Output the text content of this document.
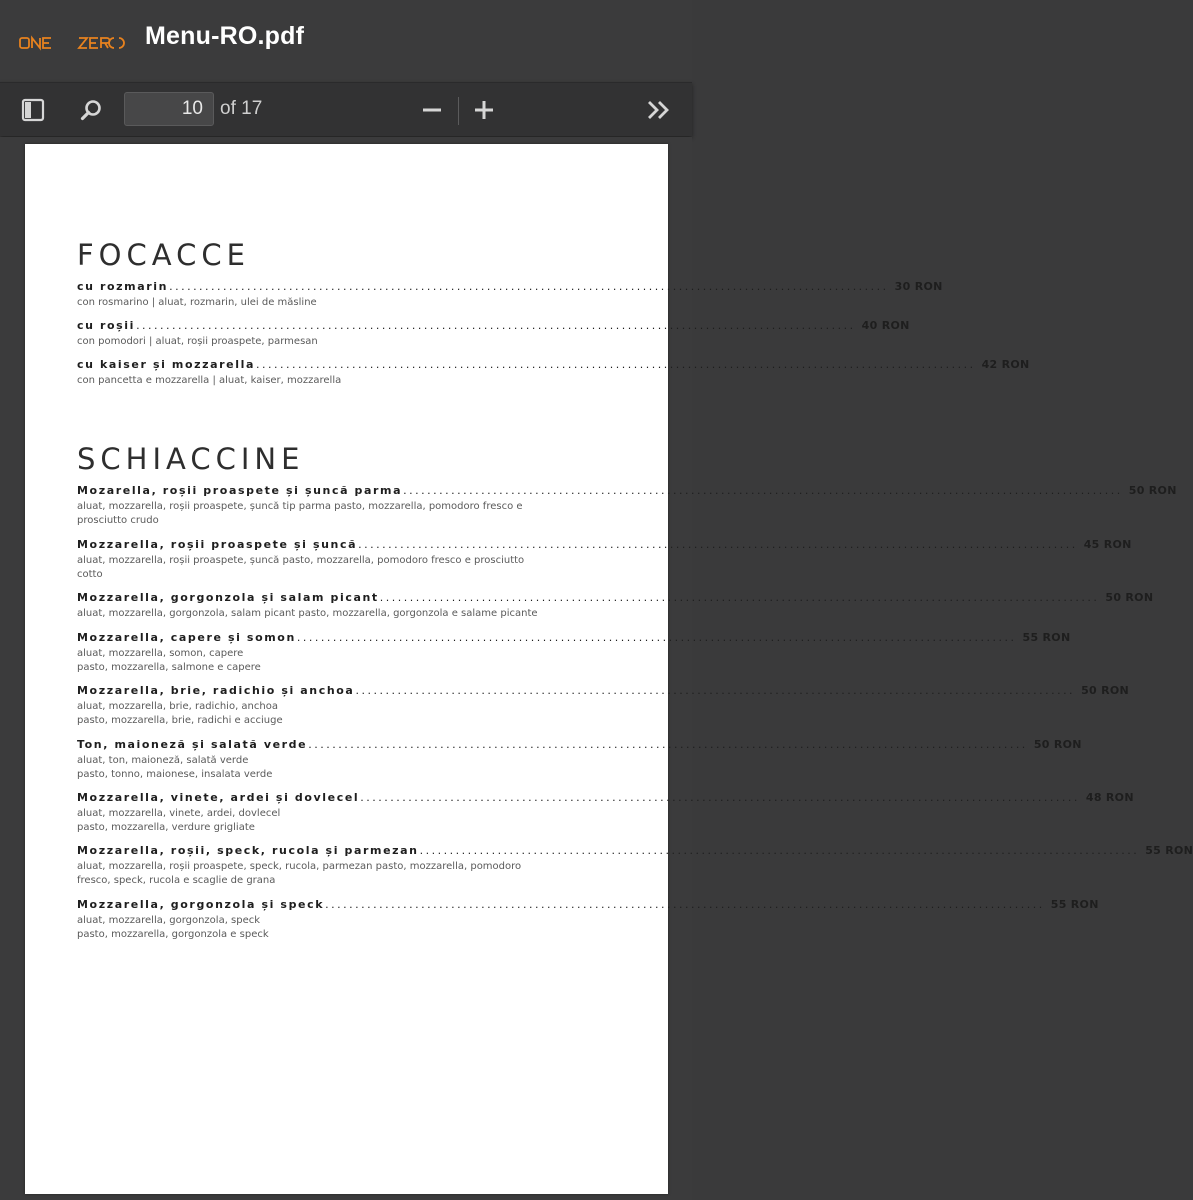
Menu-RO.pdf
10
of 17
FOCACCE
cu rozmarin ........................................................................................................................ 30 RON
con rosmarino | aluat, rozmarin, ulei de măsline
cu roșii ........................................................................................................................ 40 RON
con pomodori | aluat, roșii proaspete, parmesan
cu kaiser și mozzarella ........................................................................................................................ 42 RON
con pancetta e mozzarella | aluat, kaiser, mozzarella
SCHIACCINE
Mozarella, roșii proaspete și șuncă parma ........................................................................................................................ 50 RON
aluat, mozzarella, roșii proaspete, șuncă tip parma pasto, mozzarella, pomodoro fresco e prosciutto crudo
Mozzarella, roșii proaspete și șuncă ........................................................................................................................ 45 RON
aluat, mozzarella, roșii proaspete, șuncă pasto, mozzarella, pomodoro fresco e prosciutto cotto
Mozzarella, gorgonzola și salam picant ........................................................................................................................ 50 RON
aluat, mozzarella, gorgonzola, salam picant pasto, mozzarella, gorgonzola e salame picante
Mozzarella, capere și somon ........................................................................................................................ 55 RON
aluat, mozzarella, somon, capere
pasto, mozzarella, salmone e capere
Mozzarella, brie, radichio și anchoa ........................................................................................................................ 50 RON
aluat, mozzarella, brie, radichio, anchoa
pasto, mozzarella, brie, radichi e acciuge
Ton, maioneză și salată verde ........................................................................................................................ 50 RON
aluat, ton, maioneză, salată verde
pasto, tonno, maionese, insalata verde
Mozzarella, vinete, ardei și dovlecel ........................................................................................................................ 48 RON
aluat, mozzarella, vinete, ardei, dovlecel
pasto, mozzarella, verdure grigliate
Mozzarella, roșii, speck, rucola și parmezan ........................................................................................................................ 55 RON
aluat, mozzarella, roșii proaspete, speck, rucola, parmezan pasto, mozzarella, pomodoro fresco, speck, rucola e scaglie de grana
Mozzarella, gorgonzola și speck ........................................................................................................................ 55 RON
aluat, mozzarella, gorgonzola, speck
pasto, mozzarella, gorgonzola e speck
